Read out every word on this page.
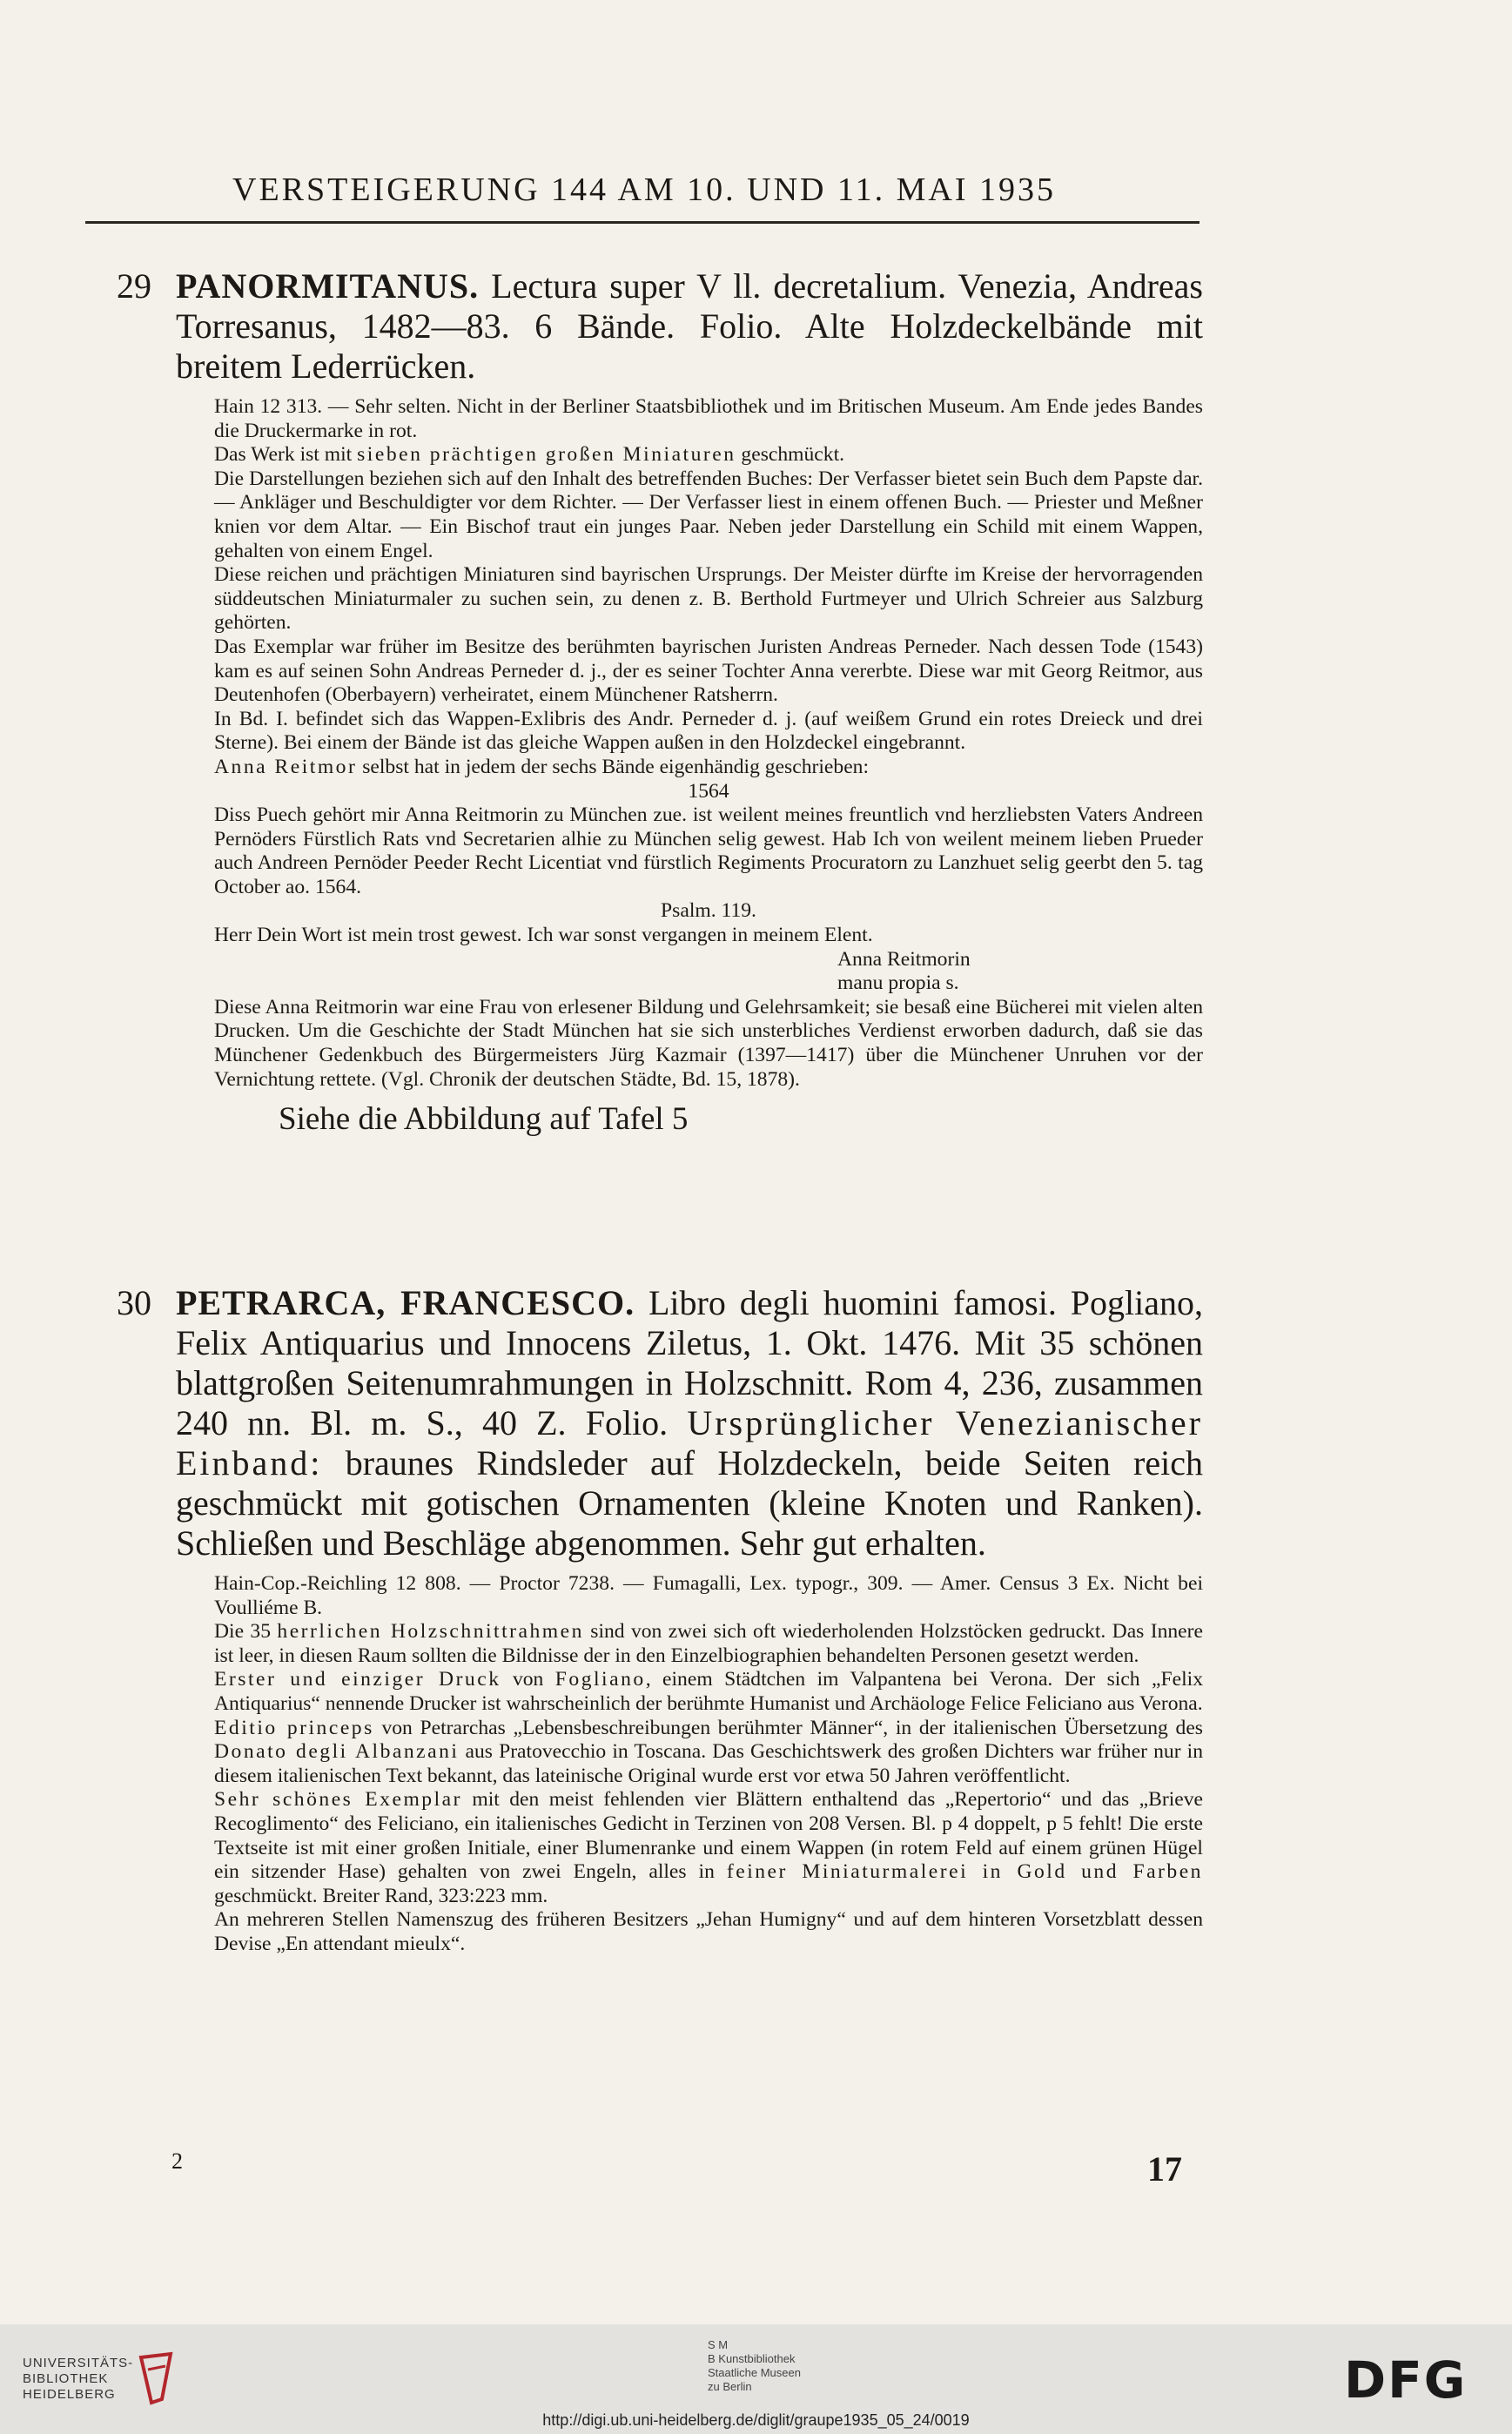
VERSTEIGERUNG 144 AM 10. UND 11. MAI 1935
29 PANORMITANUS. Lectura super V ll. decretalium. Venezia, Andreas Torresanus, 1482—83. 6 Bände. Folio. Alte Holzdeckelbände mit breitem Lederrücken.

Hain 12 313. — Sehr selten. Nicht in der Berliner Staatsbibliothek und im Britischen Museum. Am Ende jedes Bandes die Druckermarke in rot.

Das Werk ist mit sieben prächtigen großen Miniaturen geschmückt.

Die Darstellungen beziehen sich auf den Inhalt des betreffenden Buches: Der Verfasser bietet sein Buch dem Papste dar. — Ankläger und Beschuldigter vor dem Richter. — Der Verfasser liest in einem offenen Buch. — Priester und Meßner knien vor dem Altar. — Ein Bischof traut ein junges Paar. Neben jeder Darstellung ein Schild mit einem Wappen, gehalten von einem Engel.

Diese reichen und prächtigen Miniaturen sind bayrischen Ursprungs. Der Meister dürfte im Kreise der hervorragenden süddeutschen Miniaturmaler zu suchen sein, zu denen z. B. Berthold Furtmeyer und Ulrich Schreier aus Salzburg gehörten.

Das Exemplar war früher im Besitze des berühmten bayrischen Juristen Andreas Perneder. Nach dessen Tode (1543) kam es auf seinen Sohn Andreas Perneder d. j., der es seiner Tochter Anna vererbte. Diese war mit Georg Reitmor, aus Deutenhofen (Oberbayern) verheiratet, einem Münchener Ratsherrn.

In Bd. I. befindet sich das Wappen-Exlibris des Andr. Perneder d. j. (auf weißem Grund ein rotes Dreieck und drei Sterne). Bei einem der Bände ist das gleiche Wappen außen in den Holzdeckel eingebrannt.

Anna Reitmor selbst hat in jedem der sechs Bände eigenhändig geschrieben:

1564

Diss Puech gehört mir Anna Reitmorin zu München zue. ist weilent meines freuntlich vnd herzliebsten Vaters Andreen Pernöders Fürstlich Rats vnd Secretarien alhie zu München selig gewest. Hab Ich von weilent meinem lieben Prueder auch Andreen Pernöder Peeder Recht Licentiat vnd fürstlich Regiments Procuratorn zu Lanzhuet selig geerbt den 5. tag October ao. 1564.

Psalm. 119.

Herr Dein Wort ist mein trost gewest. Ich war sonst vergangen in meinem Elent.

Anna Reitmorin

manu propia s.

Diese Anna Reitmorin war eine Frau von erlesener Bildung und Gelehrsamkeit; sie besaß eine Bücherei mit vielen alten Drucken. Um die Geschichte der Stadt München hat sie sich unsterbliches Verdienst erworben dadurch, daß sie das Münchener Gedenkbuch des Bürgermeisters Jürg Kazmair (1397—1417) über die Münchener Unruhen vor der Vernichtung rettete. (Vgl. Chronik der deutschen Städte, Bd. 15, 1878).

Siehe die Abbildung auf Tafel 5
30 PETRARCA, FRANCESCO. Libro degli huomini famosi. Pogliano, Felix Antiquarius und Innocens Ziletus, 1. Okt. 1476. Mit 35 schönen blattgroßen Seitenumrahmungen in Holzschnitt. Rom 4, 236, zusammen 240 nn. Bl. m. S., 40 Z. Folio. Ursprünglicher Venezianischer Einband: braunes Rindsleder auf Holzdeckeln, beide Seiten reich geschmückt mit gotischen Ornamenten (kleine Knoten und Ranken). Schließen und Beschläge abgenommen. Sehr gut erhalten.

Hain-Cop.-Reichling 12 808. — Proctor 7238. — Fumagalli, Lex. typogr., 309. — Amer. Census 3 Ex. Nicht bei Voulliéme B.

Die 35 herrlichen Holzschnittrahmen sind von zwei sich oft wiederholenden Holzstöcken gedruckt. Das Innere ist leer, in diesen Raum sollten die Bildnisse der in den Einzelbiographien behandelten Personen gesetzt werden.

Erster und einziger Druck von Fogliano, einem Städtchen im Valpantena bei Verona. Der sich „Felix Antiquarius“ nennende Drucker ist wahrscheinlich der berühmte Humanist und Archäologe Felice Feliciano aus Verona.

Editio princeps von Petrarchas „Lebensbeschreibungen berühmter Männer“, in der italienischen Übersetzung des Donato degli Albanzani aus Pratovecchio in Toscana. Das Geschichtswerk des großen Dichters war früher nur in diesem italienischen Text bekannt, das lateinische Original wurde erst vor etwa 50 Jahren veröffentlicht.

Sehr schönes Exemplar mit den meist fehlenden vier Blättern enthaltend das „Repertorio“ und das „Brieve Recoglimento“ des Feliciano, ein italienisches Gedicht in Terzinen von 208 Versen. Bl. p 4 doppelt, p 5 fehlt! Die erste Textseite ist mit einer großen Initiale, einer Blumenranke und einem Wappen (in rotem Feld auf einem grünen Hügel ein sitzender Hase) gehalten von zwei Engeln, alles in feiner Miniaturmalerei in Gold und Farben geschmückt. Breiter Rand, 323:223 mm.

An mehreren Stellen Namenszug des früheren Besitzers „Jehan Humigny“ und auf dem hinteren Vorsetzblatt dessen Devise „En attendant mieulx“.

2	17
UNIVERSITÄTS-
BIBLIOTHEK
HEIDELBERG
S M
B Kunstbibliothek
Staatliche Museen
zu Berlin	DFG
http://digi.ub.uni-heidelberg.de/diglit/graupe1935_05_24/0019
